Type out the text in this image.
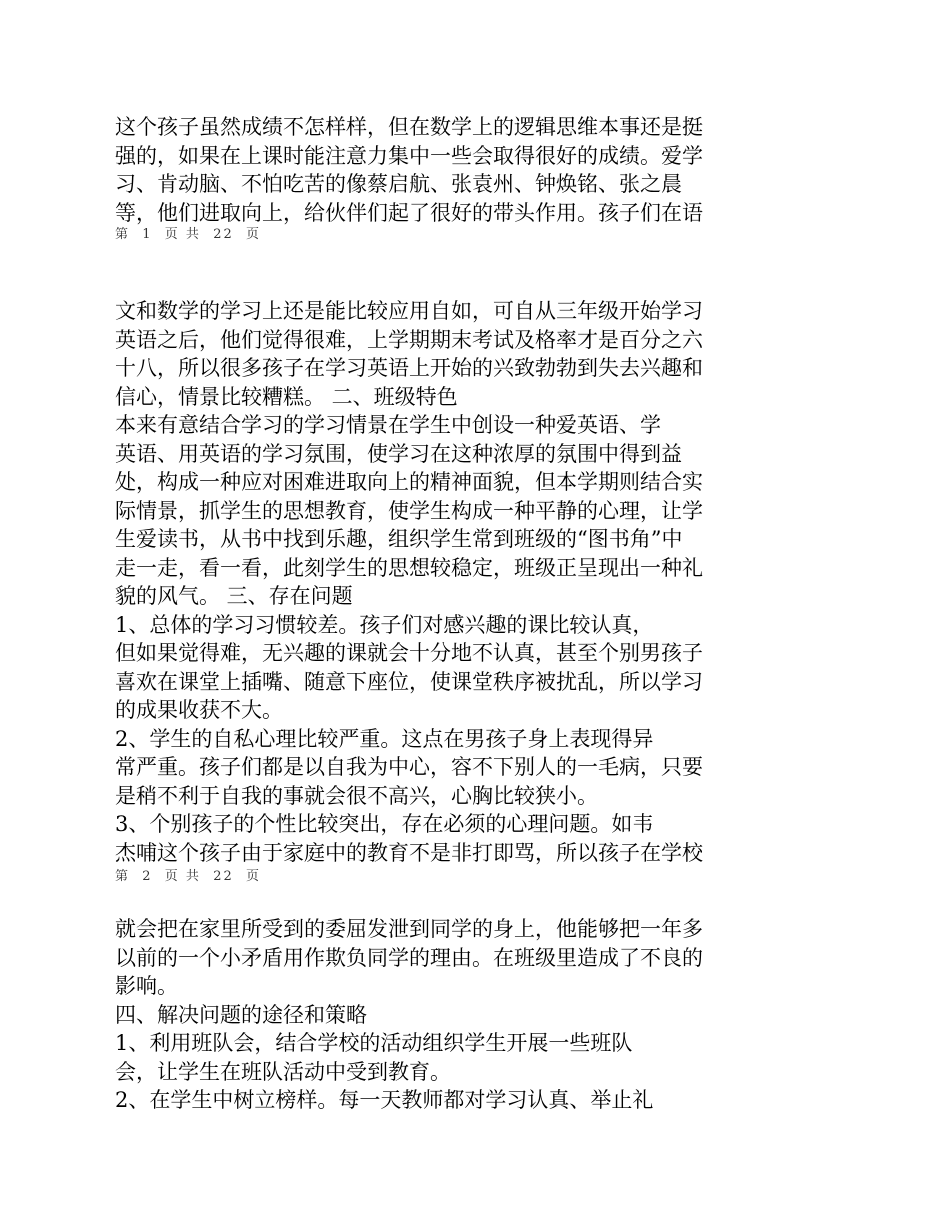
这个孩子虽然成绩不怎样样，但在数学上的逻辑思维本事还是挺
强的，如果在上课时能注意力集中一些会取得很好的成绩。爱学
习、肯动脑、不怕吃苦的像蔡启航、张袁州、钟焕铭、张之晨
等，他们进取向上，给伙伴们起了很好的带头作用。孩子们在语
第  1  页 共  22  页
文和数学的学习上还是能比较应用自如，可自从三年级开始学习
英语之后，他们觉得很难，上学期期末考试及格率才是百分之六
十八，所以很多孩子在学习英语上开始的兴致勃勃到失去兴趣和
信心，情景比较糟糕。 二、班级特色
本来有意结合学习的学习情景在学生中创设一种爱英语、学
英语、用英语的学习氛围，使学习在这种浓厚的氛围中得到益
处，构成一种应对困难进取向上的精神面貌，但本学期则结合实
际情景，抓学生的思想教育，使学生构成一种平静的心理，让学
生爱读书，从书中找到乐趣，组织学生常到班级的“图书角”中
走一走，看一看，此刻学生的思想较稳定，班级正呈现出一种礼
貌的风气。 三、存在问题
1、总体的学习习惯较差。孩子们对感兴趣的课比较认真，
但如果觉得难，无兴趣的课就会十分地不认真，甚至个别男孩子
喜欢在课堂上插嘴、随意下座位，使课堂秩序被扰乱，所以学习
的成果收获不大。
2、学生的自私心理比较严重。这点在男孩子身上表现得异
常严重。孩子们都是以自我为中心，容不下别人的一毛病，只要
是稍不利于自我的事就会很不高兴，心胸比较狭小。
3、个别孩子的个性比较突出，存在必须的心理问题。如韦
杰哺这个孩子由于家庭中的教育不是非打即骂，所以孩子在学校
第  2  页 共  22  页
就会把在家里所受到的委屈发泄到同学的身上，他能够把一年多
以前的一个小矛盾用作欺负同学的理由。在班级里造成了不良的
影响。
四、解决问题的途径和策略
1、利用班队会，结合学校的活动组织学生开展一些班队
会，让学生在班队活动中受到教育。
2、在学生中树立榜样。每一天教师都对学习认真、举止礼
